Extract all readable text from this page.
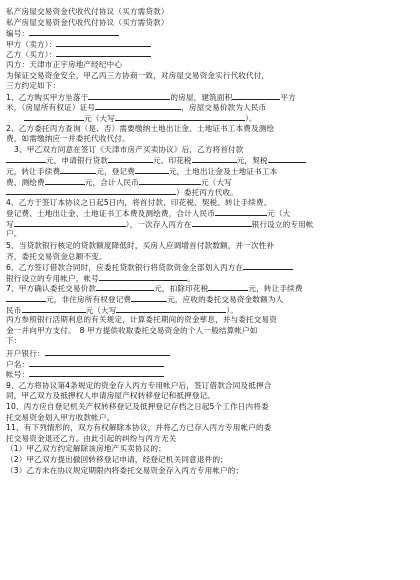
私产房屋交易资金代收代付协议（买方需贷款）
私产房屋交易资金代收代付协议（买方需贷款）
编号：
甲方（卖方）：
乙方（买方）：
丙方：天津市正宇房地产经纪中心
为保证交易资金安全，甲乙丙三方协商一致，对房屋交易资金实行代收代付，
三方约定如下：
1、乙方购买甲方坐落于	的房屋，建筑面积	平方
米，（房屋所有权证）证号	，房屋交易价款为人民币
元（大写	）。
2、乙方委托丙方查询（是、否）需要缴纳土地出让金、土地证书工本费及测绘
费，如需缴纳应一并委托代收代付。
3、甲乙双方同意在签订《天津市房产买卖协议》后，乙方将首付款
元，申请银行贷款	元、印花税	元，契税
元，转让手续费	元，登记费	元，土地出让金及土地证书工本
费、测绘费	元，合计人民币	元（大写
）委托丙方代收。
4、乙方于签订本协议之日起5日内，将首付款、印花税、契税、转让手续费、
登记费、土地出让金、土地证书工本费及测绘费，合计人民币	元（大
写	），一次存入丙方在	银行设立的专用帐
户。
5、当贷款银行核定的贷款额度降低时，买房人应调增首付款数额，并一次性补
齐，委托交易资金总额不变。
6、乙方签订借款合同时，应委托贷款银行将贷款资金全部划入丙方在
银行设立的专用帐户，帐号	。
7、甲方确认委托交易价款	元，扣除印花税	元，转让手续费
元，非住房所有权登记费	元，应收的委托交易资金数额为人
民币	元（大写	）。
丙方参照银行活期利息的有关规定，计算委托期间的资金孳息，并与委托交易资
金一并向甲方支付。　8 甲方提供收取委托交易资金的个人一般结算帐户如
下：
开户银行：
户名：
帐号：
9、乙方将协议第4条规定的资金存入丙方专用帐户后，签订借款合同及抵押合
同，甲乙双方及抵押权人申请房屋产权转移登记和抵押登记。
10、丙方应自登记机关产权转移登记及抵押登记存档之日起5个工作日内将委
托交易资金划入甲方收款帐户。
11、有下列情形的，双方有权解除本协议，并将乙方已存入丙方专用帐户的委
托交易资金退还乙方。由此引起的纠纷与丙方无关
（1）甲乙双方约定解除该房地产买卖协议的；
（2）甲乙双方提出撤回转移登记申请，经登记机关同意退件的；
（3）乙方未在协议规定期限内将委托交易资金存入丙方专用帐户的；
